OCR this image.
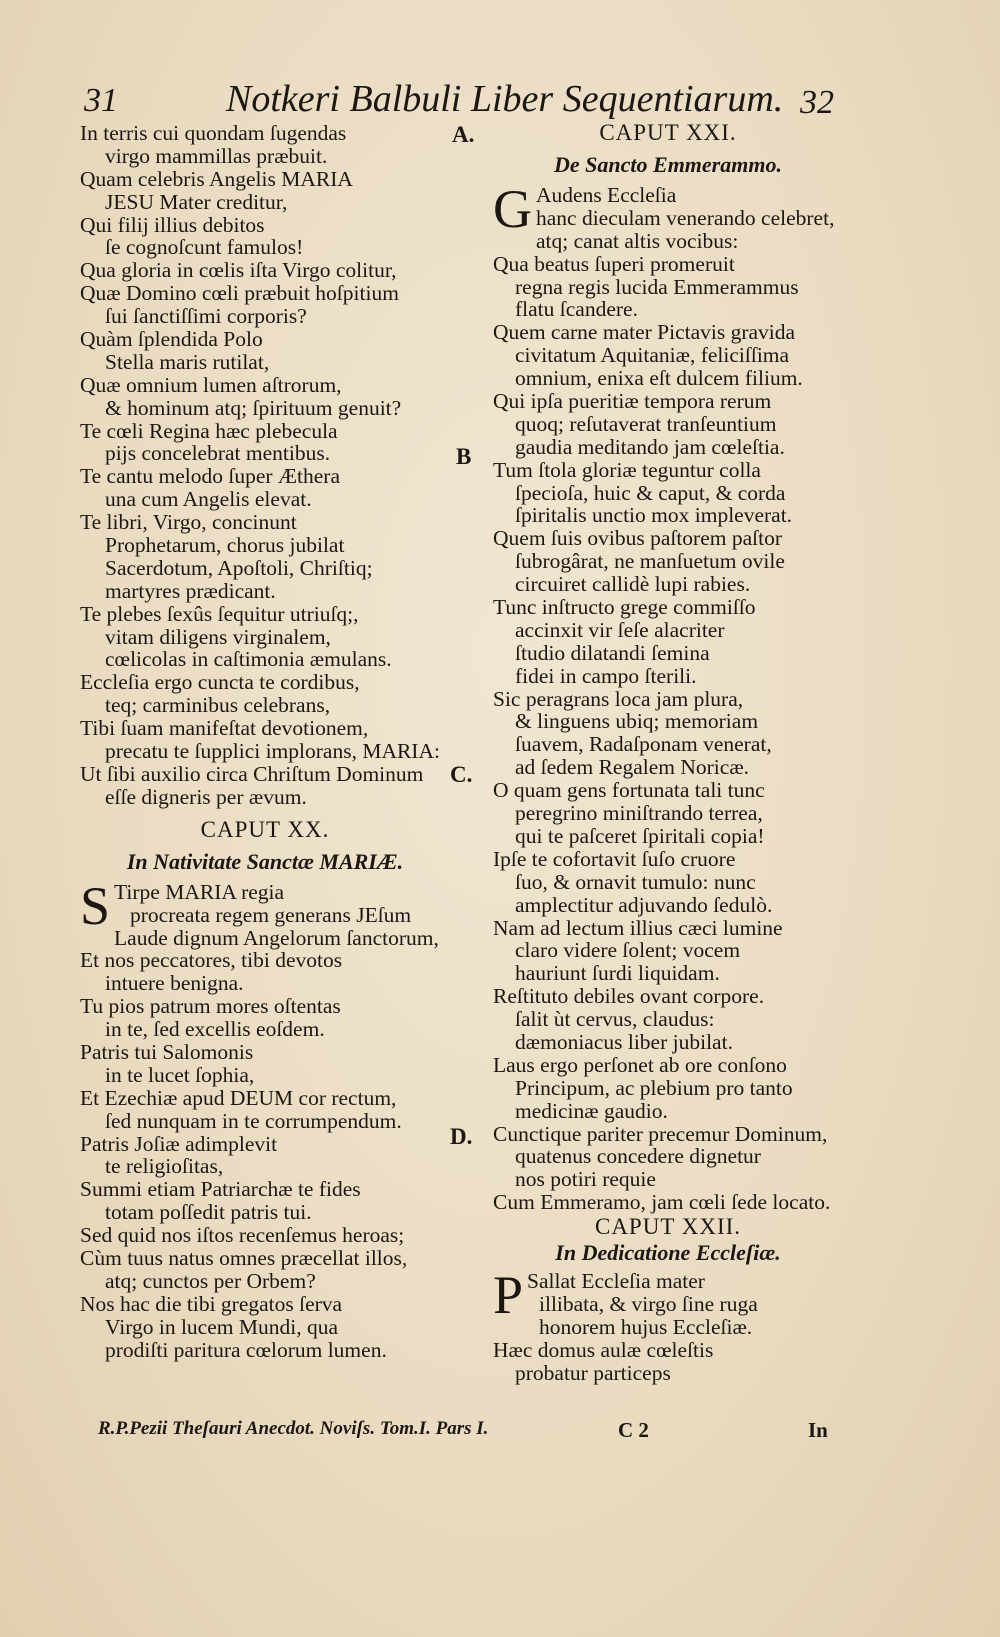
31	Notkeri Balbuli Liber Sequentiarum. 32
A.
B
C.
D.
In terris cui quondam ſugendas
virgo mammillas præbuit.
Quam celebris Angelis MARIA
JESU Mater creditur,
Qui filij illius debitos
ſe cognoſcunt famulos!
Qua gloria in cœlis iſta Virgo colitur,
Quæ Domino cœli præbuit hoſpitium
ſui ſanctiſſimi corporis?
Quàm ſplendida Polo
Stella maris rutilat,
Quæ omnium lumen aſtrorum,
& hominum atq; ſpirituum genuit?
Te cœli Regina hæc plebecula
pijs concelebrat mentibus.
Te cantu melodo ſuper Æthera
una cum Angelis elevat.
Te libri, Virgo, concinunt
Prophetarum, chorus jubilat
Sacerdotum, Apoſtoli, Chriſtiq;
martyres prædicant.
Te plebes ſexûs ſequitur utriuſq;,
vitam diligens virginalem,
cœlicolas in caſtimonia æmulans.
Eccleſia ergo cuncta te cordibus,
teq; carminibus celebrans,
Tibi ſuam manifeſtat devotionem,
precatu te ſupplici implorans, MARIA:
Ut ſibi auxilio circa Chriſtum Dominum
eſſe digneris per ævum.
CAPUT XX.
In Nativitate Sanctæ MARIÆ.
S Tirpe MARIA regia
procreata regem generans JEſum
Laude dignum Angelorum ſanctorum,
Et nos peccatores, tibi devotos
intuere benigna.
Tu pios patrum mores oſtentas
in te, ſed excellis eoſdem.
Patris tui Salomonis
in te lucet ſophia,
Et Ezechiæ apud DEUM cor rectum,
ſed nunquam in te corrumpendum.
Patris Joſiæ adimplevit
te religioſitas,
Summi etiam Patriarchæ te fides
totam poſſedit patris tui.
Sed quid nos iſtos recenſemus heroas;
Cùm tuus natus omnes præcellat illos,
atq; cunctos per Orbem?
Nos hac die tibi gregatos ſerva
Virgo in lucem Mundi, qua
prodiſti paritura cœlorum lumen.
CAPUT XXI.
De Sancto Emmerammo.
G Audens Eccleſia
hanc dieculam venerando celebret,
atq; canat altis vocibus:
Qua beatus ſuperi promeruit
regna regis lucida Emmerammus
flatu ſcandere.
Quem carne mater Pictavis gravida
civitatum Aquitaniæ, feliciſſima
omnium, enixa eſt dulcem filium.
Qui ipſa pueritiæ tempora rerum
quoq; reſutaverat tranſeuntium
gaudia meditando jam cœleſtia.
Tum ſtola gloriæ teguntur colla
ſpecioſa, huic & caput, & corda
ſpiritalis unctio mox impleverat.
Quem ſuis ovibus paſtorem paſtor
ſubrogârat, ne manſuetum ovile
circuiret callidè lupi rabies.
Tunc inſtructo grege commiſſo
accinxit vir ſeſe alacriter
ſtudio dilatandi ſemina
fidei in campo ſterili.
Sic peragrans loca jam plura,
& linguens ubiq; memoriam
ſuavem, Radaſponam venerat,
ad ſedem Regalem Noricæ.
O quam gens fortunata tali tunc
peregrino miniſtrando terrea,
qui te paſceret ſpiritali copia!
Ipſe te cofortavit ſuſo cruore
ſuo, & ornavit tumulo: nunc
amplectitur adjuvando ſedulò.
Nam ad lectum illius cæci lumine
claro videre ſolent; vocem
hauriunt ſurdi liquidam.
Reſtituto debiles ovant corpore.
ſalit ùt cervus, claudus:
dæmoniacus liber jubilat.
Laus ergo perſonet ab ore conſono
Principum, ac plebium pro tanto
medicinæ gaudio.
Cunctique pariter precemur Dominum,
quatenus concedere dignetur
nos potiri requie
Cum Emmeramo, jam cœli ſede locato.
CAPUT XXII.
In Dedicatione Eccleſiæ.
P Sallat Eccleſia mater
illibata, & virgo ſine ruga
honorem hujus Eccleſiæ.
Hæc domus aulæ cœleſtis
probatur particeps
R.P.Pezii Theſauri Anecdot. Noviſs. Tom.I. Pars I.	C 2	In
